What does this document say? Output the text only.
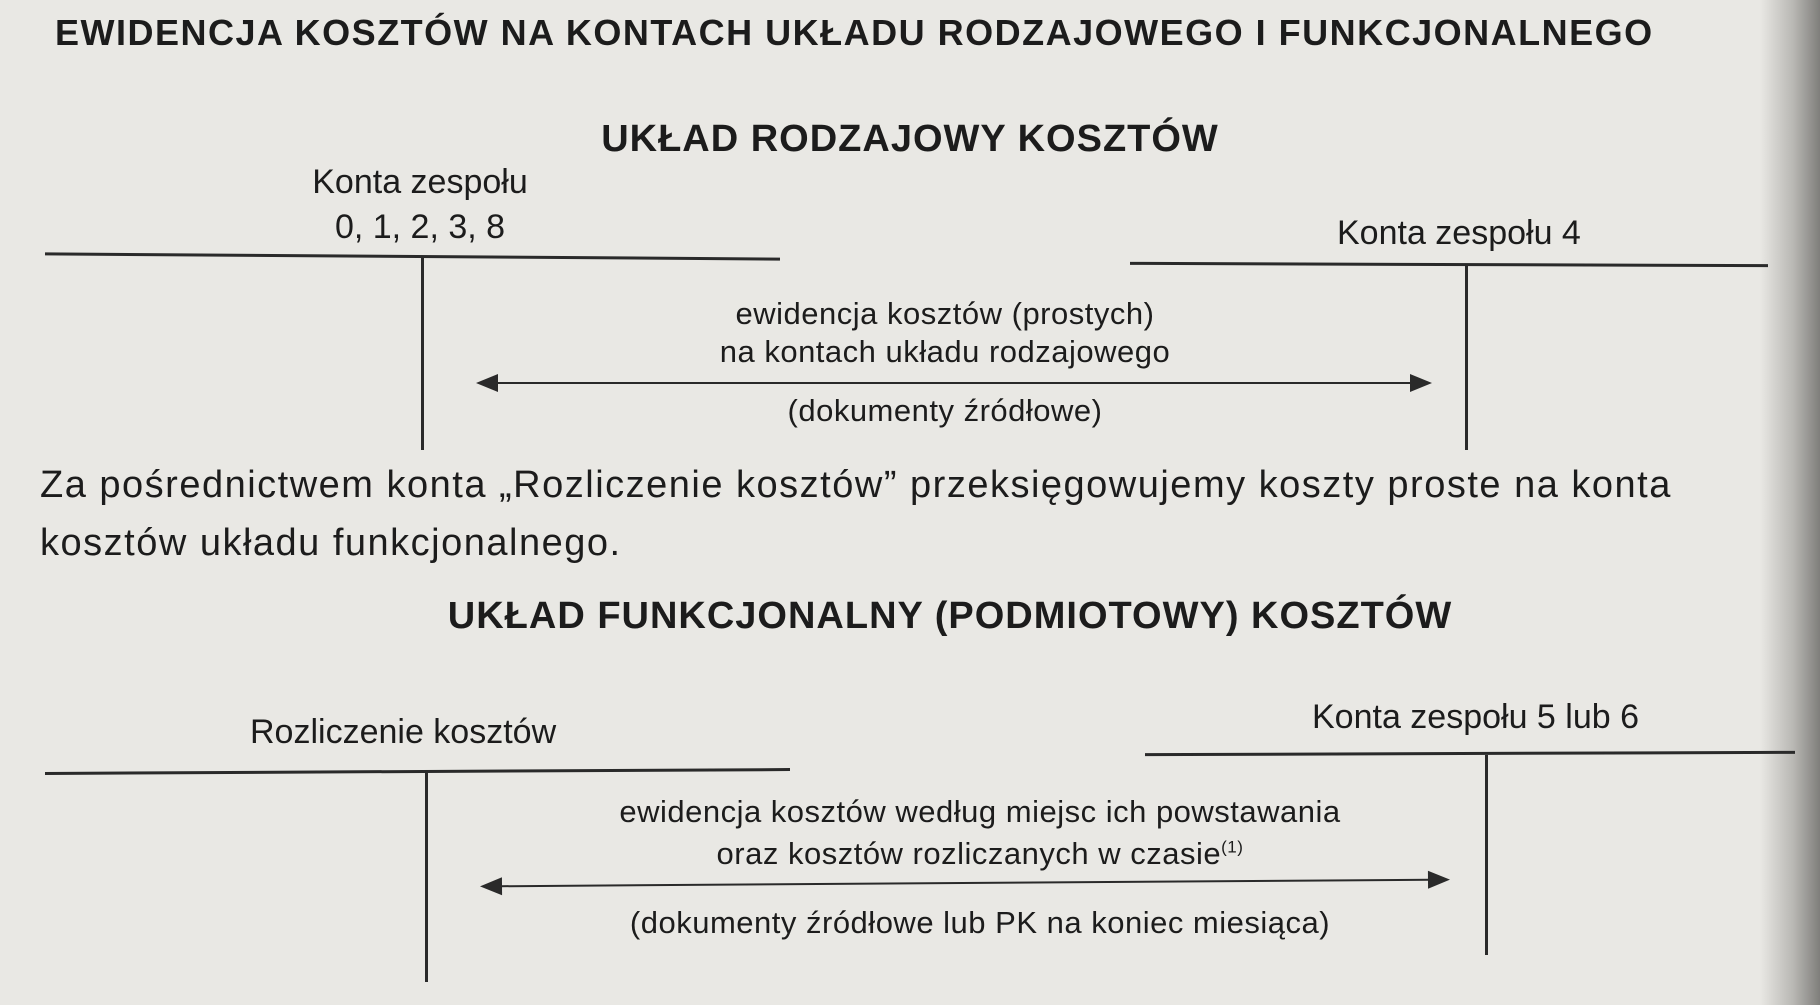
EWIDENCJA KOSZTÓW NA KONTACH UKŁADU RODZAJOWEGO I FUNKCJONALNEGO
UKŁAD RODZAJOWY KOSZTÓW
Konta zespołu
0, 1, 2, 3, 8	Konta zespołu 4
ewidencja kosztów (prostych)
na kontach układu rodzajowego
(dokumenty źródłowe)
Za pośrednictwem konta „Rozliczenie kosztów” przeksięgowujemy koszty proste na konta
kosztów układu funkcjonalnego.
UKŁAD FUNKCJONALNY (PODMIOTOWY) KOSZTÓW
Rozliczenie kosztów	Konta zespołu 5 lub 6
ewidencja kosztów według miejsc ich powstawania
oraz kosztów rozliczanych w czasie$^{(1)}$
(dokumenty źródłowe lub PK na koniec miesiąca)
